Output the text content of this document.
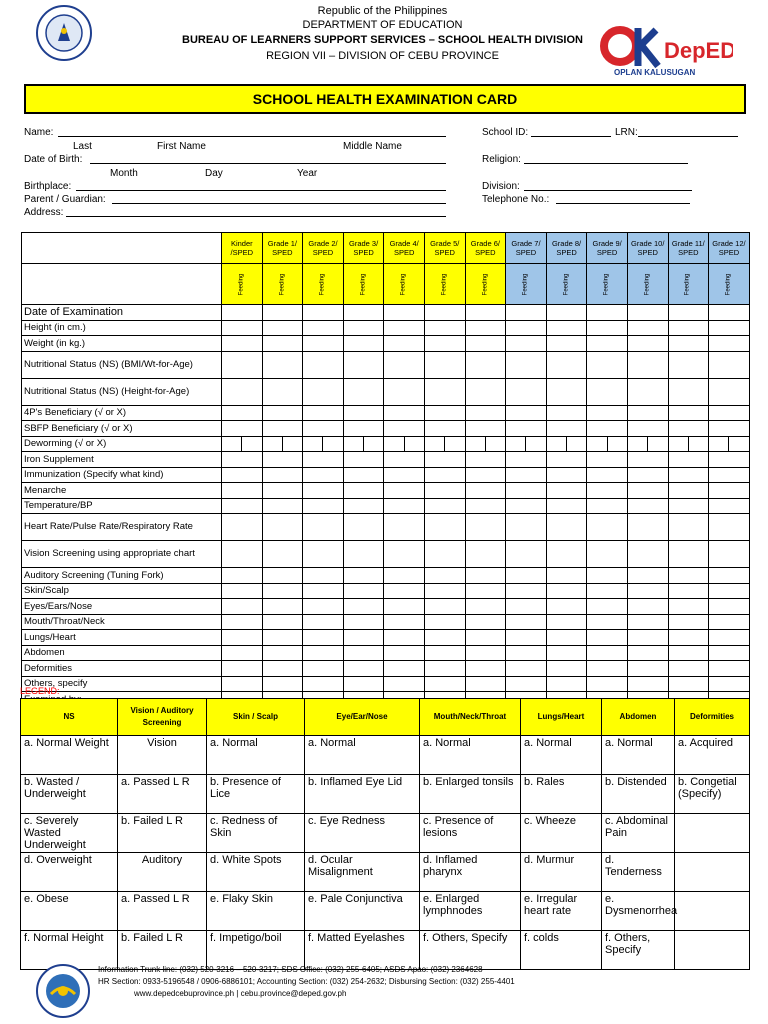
Republic of the Philippines
DEPARTMENT OF EDUCATION
BUREAU OF LEARNERS SUPPORT SERVICES – SCHOOL HEALTH DIVISION
REGION VII – DIVISION OF CEBU PROVINCE	DepED
OPLAN KALUSUGAN
SCHOOL HEALTH EXAMINATION CARD
Name:
Last	First Name	Middle Name
Date of Birth:
Month	Day	Year
Birthplace:
Parent / Guardian:
Address:
School ID:	LRN:
Religion:
Division:
Telephone No.:
	Kinder /SPED	Grade 1/ SPED	Grade 2/ SPED	Grade 3/ SPED	Grade 4/ SPED	Grade 5/ SPED	Grade 6/ SPED	Grade 7/ SPED	Grade 8/ SPED	Grade 9/ SPED	Grade 10/ SPED	Grade 11/ SPED	Grade 12/ SPED
	Feeding	Feeding	Feeding	Feeding	Feeding	Feeding	Feeding	Feeding	Feeding	Feeding	Feeding	Feeding	Feeding
Date of Examination													
Height (in cm.)													
Weight (in kg.)													
Nutritional Status (NS) (BMI/Wt-for-Age)													
Nutritional Status (NS) (Height-for-Age)													
4P's Beneficiary (√ or X)													
SBFP Beneficiary (√ or X)													
Deworming (√ or X)	

Iron Supplement													
Immunization (Specify what kind)													
Menarche													
Temperature/BP													
Heart Rate/Pulse Rate/Respiratory Rate													
Vision Screening using appropriate chart													
Auditory Screening (Tuning Fork)													
Skin/Scalp													
Eyes/Ears/Nose													
Mouth/Throat/Neck													
Lungs/Heart													
Abdomen													
Deformities													
Others, specify													

LEGEND:
NS	Vision / Auditory Screening	Skin / Scalp	Eye/Ear/Nose	Mouth/Neck/Throat	Lungs/Heart	Abdomen	Deformities
a. Normal Weight	Vision	a. Normal	a. Normal	a. Normal	a. Normal	a. Normal	a. Acquired
b. Wasted / Underweight	a. Passed L R	b. Presence of Lice	b. Inflamed Eye Lid	b. Enlarged tonsils	b. Rales	b. Distended	b. Congetial (Specify)
c. Severely Wasted Underweight	b. Failed L R	c. Redness of Skin	c. Eye Redness	c. Presence of lesions	c. Wheeze	c. Abdominal Pain	
d. Overweight	Auditory	d. White Spots	d. Ocular Misalignment	d. Inflamed pharynx	d. Murmur	d. Tenderness	
e. Obese	a. Passed L R	e. Flaky Skin	e. Pale Conjunctiva	e. Enlarged lymphnodes	e. Irregular heart rate	e. Dysmenorrhea	
f. Normal Height	b. Failed L R	f. Impetigo/boil	f. Matted Eyelashes	f. Others, Specify	f. colds	f. Others, Specify	
Information Trunk line: (032) 520-3216 – 520-3217; SDS Office: (032) 255-6405; ASDS Apao: (032) 2364628
HR Section: 0933-5196548 / 0906-6886101; Accounting Section: (032) 254-2632; Disbursing Section: (032) 255-4401
www.depedcebuprovince.ph | cebu.province@deped.gov.ph
